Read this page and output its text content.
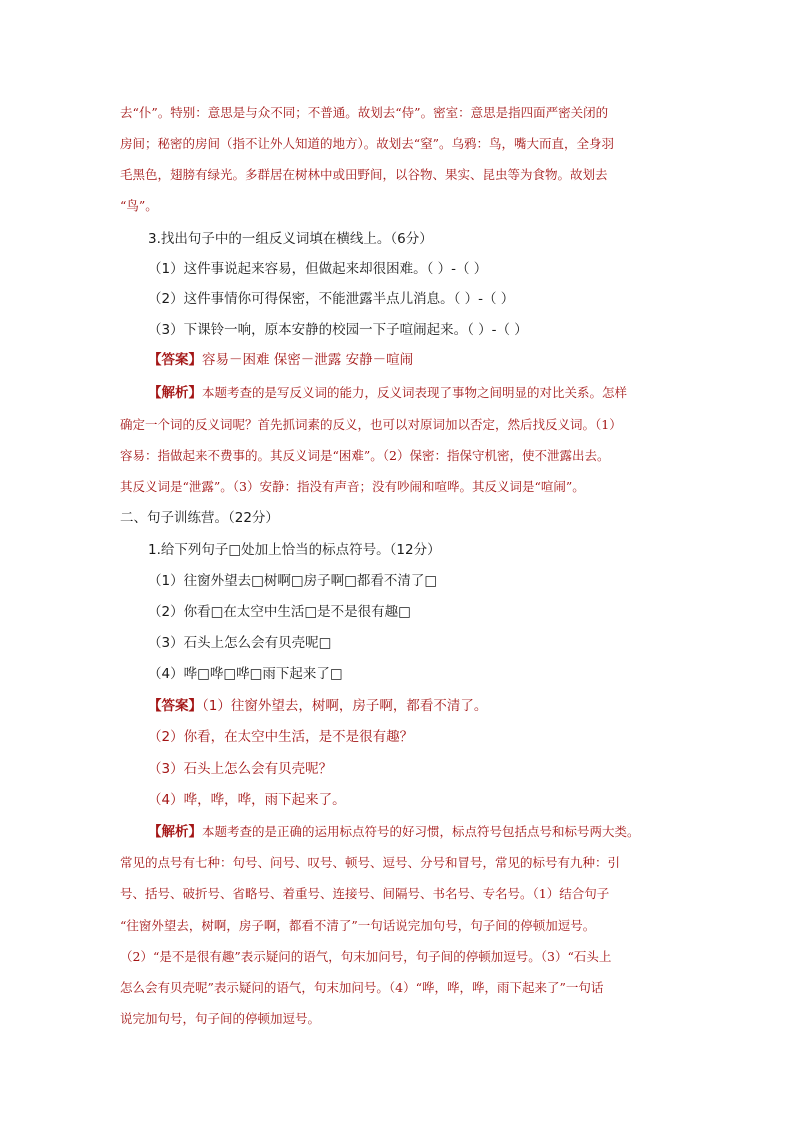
去“仆”。特别：意思是与众不同；不普通。故划去“侍”。密室：意思是指四面严密关闭的
房间；秘密的房间（指不让外人知道的地方）。故划去“窒”。乌鸦：鸟，嘴大而直，全身羽
毛黑色，翅膀有绿光。多群居在树林中或田野间，以谷物、果实、昆虫等为食物。故划去
“鸟”。
3.找出句子中的一组反义词填在横线上。（6分）
（1）这件事说起来容易，但做起来却很困难。（ ）-（ ）
（2）这件事情你可得保密，不能泄露半点儿消息。（ ）-（ ）
（3）下课铃一响，原本安静的校园一下子喧闹起来。（ ）-（ ）
【答案】容易－困难 保密－泄露 安静－喧闹
【解析】本题考查的是写反义词的能力，反义词表现了事物之间明显的对比关系。怎样
确定一个词的反义词呢？首先抓词素的反义，也可以对原词加以否定，然后找反义词。（1）
容易：指做起来不费事的。其反义词是“困难”。（2）保密：指保守机密，使不泄露出去。
其反义词是“泄露”。（3）安静：指没有声音；没有吵闹和喧哗。其反义词是“喧闹”。
二、句子训练营。（22分）
1.给下列句子□处加上恰当的标点符号。（12分）
（1）往窗外望去□树啊□房子啊□都看不清了□
（2）你看□在太空中生活□是不是很有趣□
（3）石头上怎么会有贝壳呢□
（4）哗□哗□哗□雨下起来了□
【答案】（1）往窗外望去，树啊，房子啊，都看不清了。
（2）你看，在太空中生活，是不是很有趣？
（3）石头上怎么会有贝壳呢？
（4）哗，哗，哗，雨下起来了。
【解析】本题考查的是正确的运用标点符号的好习惯，标点符号包括点号和标号两大类。
常见的点号有七种：句号、问号、叹号、顿号、逗号、分号和冒号，常见的标号有九种：引
号、括号、破折号、省略号、着重号、连接号、间隔号、书名号、专名号。（1）结合句子
“往窗外望去，树啊，房子啊，都看不清了”一句话说完加句号，句子间的停顿加逗号。
（2）“是不是很有趣”表示疑问的语气，句末加问号，句子间的停顿加逗号。（3）“石头上
怎么会有贝壳呢”表示疑问的语气，句末加问号。（4）“哗，哗，哗，雨下起来了”一句话
说完加句号，句子间的停顿加逗号。
